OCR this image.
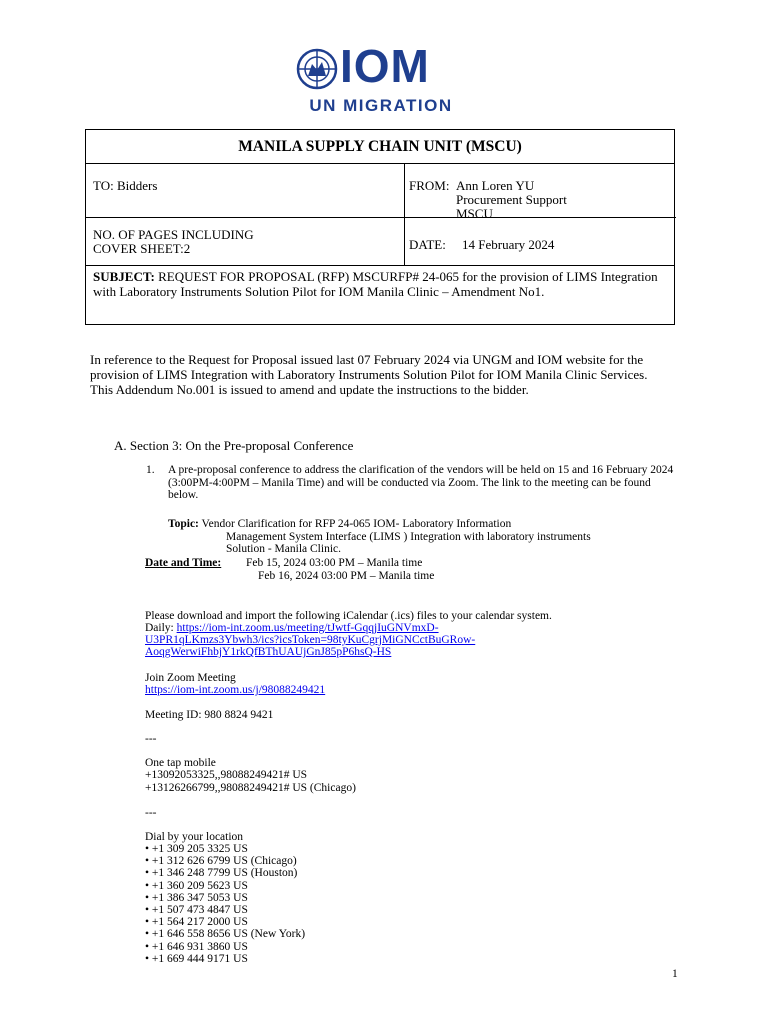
IOM
UN MIGRATION
MANILA SUPPLY CHAIN UNIT (MSCU)
TO: Bidders	FROM: Ann Loren YU
Procurement Support
MSCU
NO. OF PAGES INCLUDING
COVER SHEET:2	DATE: 14 February 2024
SUBJECT: REQUEST FOR PROPOSAL (RFP) MSCURFP# 24-065 for the provision of LIMS Integration with Laboratory Instruments Solution Pilot for IOM Manila Clinic – Amendment No1.
In reference to the Request for Proposal issued last 07 February 2024 via UNGM and IOM website for the provision of LIMS Integration with Laboratory Instruments Solution Pilot for IOM Manila Clinic Services. This Addendum No.001 is issued to amend and update the instructions to the bidder.
A. Section 3: On the Pre-proposal Conference
1. A pre-proposal conference to address the clarification of the vendors will be held on 15 and 16 February 2024 (3:00PM-4:00PM – Manila Time) and will be conducted via Zoom. The link to the meeting can be found below.
Topic: Vendor Clarification for RFP 24-065 IOM- Laboratory Information
Management System Interface (LIMS ) Integration with laboratory instruments
Solution - Manila Clinic.
Date and Time: Feb 15, 2024 03:00 PM – Manila time
Feb 16, 2024 03:00 PM – Manila time
Please download and import the following iCalendar (.ics) files to your calendar system.
Daily: https://iom-int.zoom.us/meeting/tJwtf-GqqjIuGNVmxD-
U3PR1qLKmzs3Ybwh3/ics?icsToken=98tyKuCgrjMiGNCctBuGRow-
AoqgWerwiFhbjY1rkQfBThUAUjGnJ85pP6hsQ-HS
Join Zoom Meeting
https://iom-int.zoom.us/j/98088249421
Meeting ID: 980 8824 9421
---
One tap mobile
+13092053325,,98088249421# US
+13126266799,,98088249421# US (Chicago)
---
Dial by your location
• +1 309 205 3325 US
• +1 312 626 6799 US (Chicago)
• +1 346 248 7799 US (Houston)
• +1 360 209 5623 US
• +1 386 347 5053 US
• +1 507 473 4847 US
• +1 564 217 2000 US
• +1 646 558 8656 US (New York)
• +1 646 931 3860 US
• +1 669 444 9171 US
1
